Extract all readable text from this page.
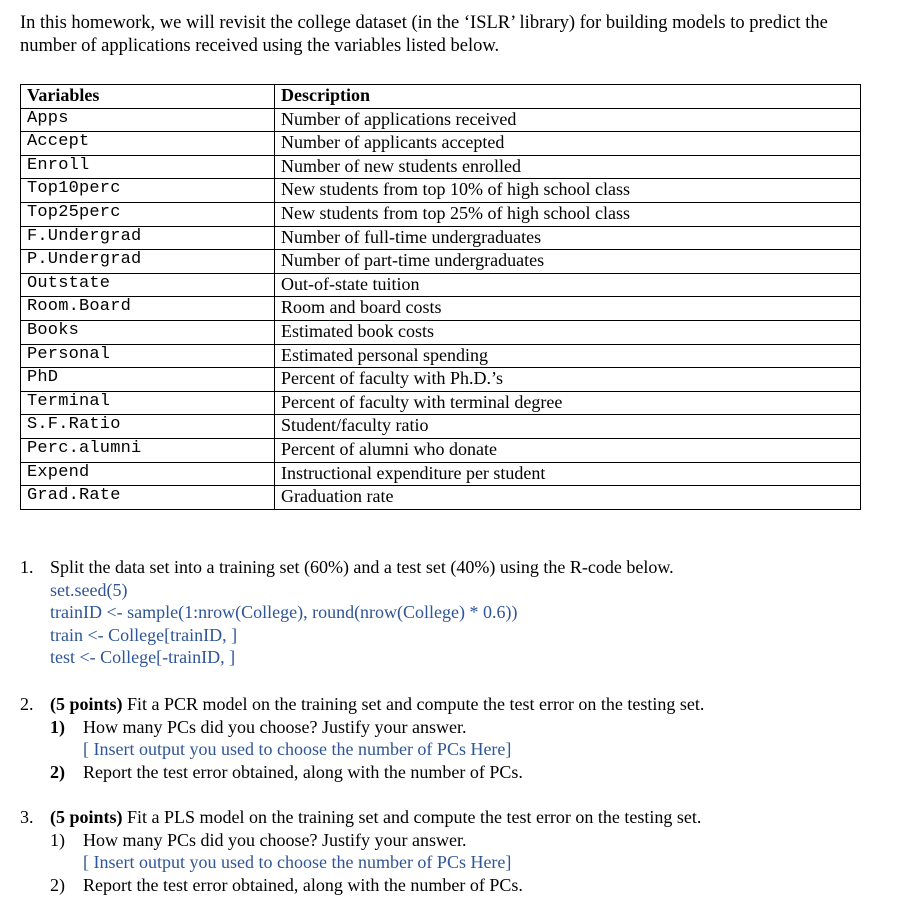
In this homework, we will revisit the college dataset (in the ‘ISLR’ library) for building models to predict the number of applications received using the variables listed below.
Variables	Description
Apps	Number of applications received
Accept	Number of applicants accepted
Enroll	Number of new students enrolled
Top10perc	New students from top 10% of high school class
Top25perc	New students from top 25% of high school class
F.Undergrad	Number of full-time undergraduates
P.Undergrad	Number of part-time undergraduates
Outstate	Out-of-state tuition
Room.Board	Room and board costs
Books	Estimated book costs
Personal	Estimated personal spending
PhD	Percent of faculty with Ph.D.’s
Terminal	Percent of faculty with terminal degree
S.F.Ratio	Student/faculty ratio
Perc.alumni	Percent of alumni who donate
Expend	Instructional expenditure per student
Grad.Rate	Graduation rate
1. Split the data set into a training set (60%) and a test set (40%) using the R-code below.
set.seed(5)
trainID <- sample(1:nrow(College), round(nrow(College) * 0.6))
train <- College[trainID, ]
test <- College[-trainID, ]
2. (5 points) Fit a PCR model on the training set and compute the test error on the testing set.
1) How many PCs did you choose? Justify your answer.
[ Insert output you used to choose the number of PCs Here]
2) Report the test error obtained, along with the number of PCs.
3. (5 points) Fit a PLS model on the training set and compute the test error on the testing set.
1) How many PCs did you choose? Justify your answer.
[ Insert output you used to choose the number of PCs Here]
2) Report the test error obtained, along with the number of PCs.
